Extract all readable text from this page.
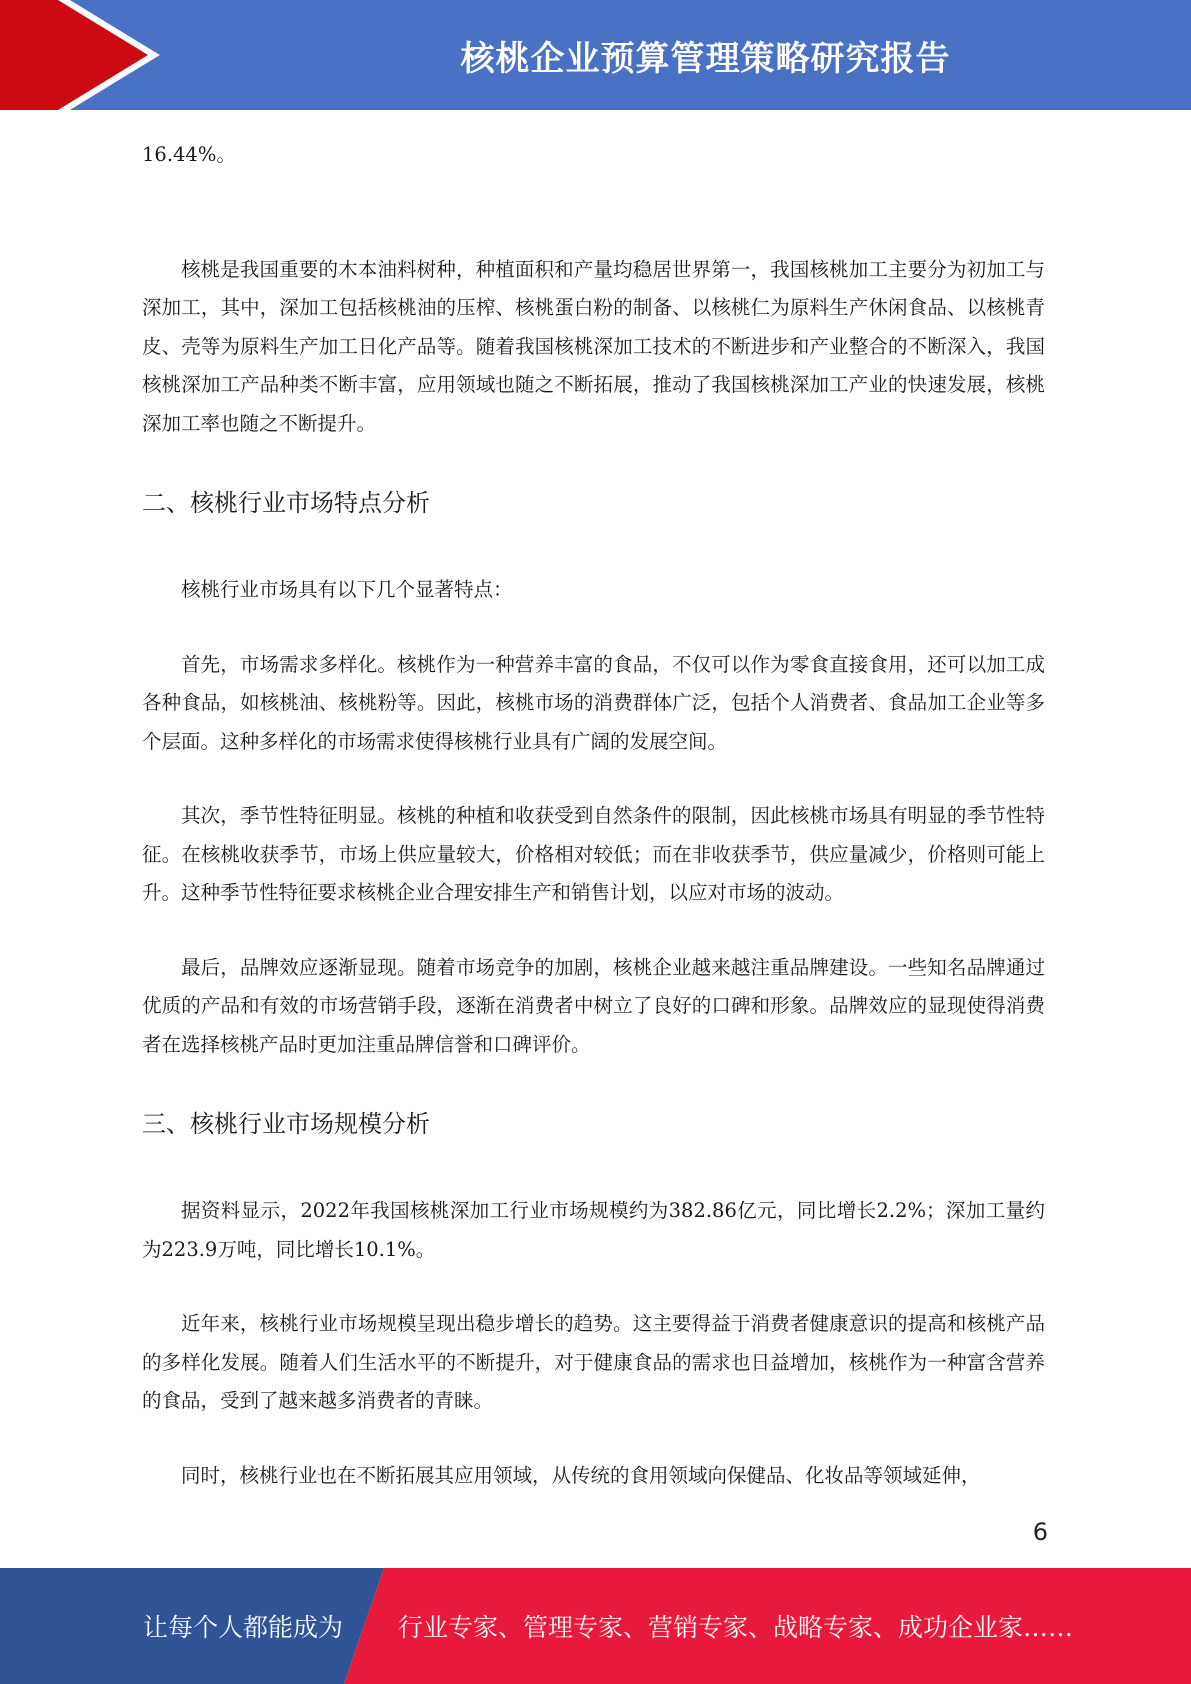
核桃企业预算管理策略研究报告

16.44%。

核桃是我国重要的木本油料树种，种植面积和产量均稳居世界第一，我国核桃加工主要分为初加工与深加工，其中，深加工包括核桃油的压榨、核桃蛋白粉的制备、以核桃仁为原料生产休闲食品、以核桃青皮、壳等为原料生产加工日化产品等。随着我国核桃深加工技术的不断进步和产业整合的不断深入，我国核桃深加工产品种类不断丰富，应用领域也随之不断拓展，推动了我国核桃深加工产业的快速发展，核桃深加工率也随之不断提升。

二、核桃行业市场特点分析

核桃行业市场具有以下几个显著特点：

首先，市场需求多样化。核桃作为一种营养丰富的食品，不仅可以作为零食直接食用，还可以加工成各种食品，如核桃油、核桃粉等。因此，核桃市场的消费群体广泛，包括个人消费者、食品加工企业等多个层面。这种多样化的市场需求使得核桃行业具有广阔的发展空间。

其次，季节性特征明显。核桃的种植和收获受到自然条件的限制，因此核桃市场具有明显的季节性特征。在核桃收获季节，市场上供应量较大，价格相对较低；而在非收获季节，供应量减少，价格则可能上升。这种季节性特征要求核桃企业合理安排生产和销售计划，以应对市场的波动。

最后，品牌效应逐渐显现。随着市场竞争的加剧，核桃企业越来越注重品牌建设。一些知名品牌通过优质的产品和有效的市场营销手段，逐渐在消费者中树立了良好的口碑和形象。品牌效应的显现使得消费者在选择核桃产品时更加注重品牌信誉和口碑评价。

三、核桃行业市场规模分析

据资料显示，2022年我国核桃深加工行业市场规模约为382.86亿元，同比增长2.2%；深加工量约为223.9万吨，同比增长10.1%。

近年来，核桃行业市场规模呈现出稳步增长的趋势。这主要得益于消费者健康意识的提高和核桃产品的多样化发展。随着人们生活水平的不断提升，对于健康食品的需求也日益增加，核桃作为一种富含营养的食品，受到了越来越多消费者的青睐。

同时，核桃行业也在不断拓展其应用领域，从传统的食用领域向保健品、化妆品等领域延伸，

6
让每个人都能成为 行业专家、管理专家、营销专家、战略专家、成功企业家……
